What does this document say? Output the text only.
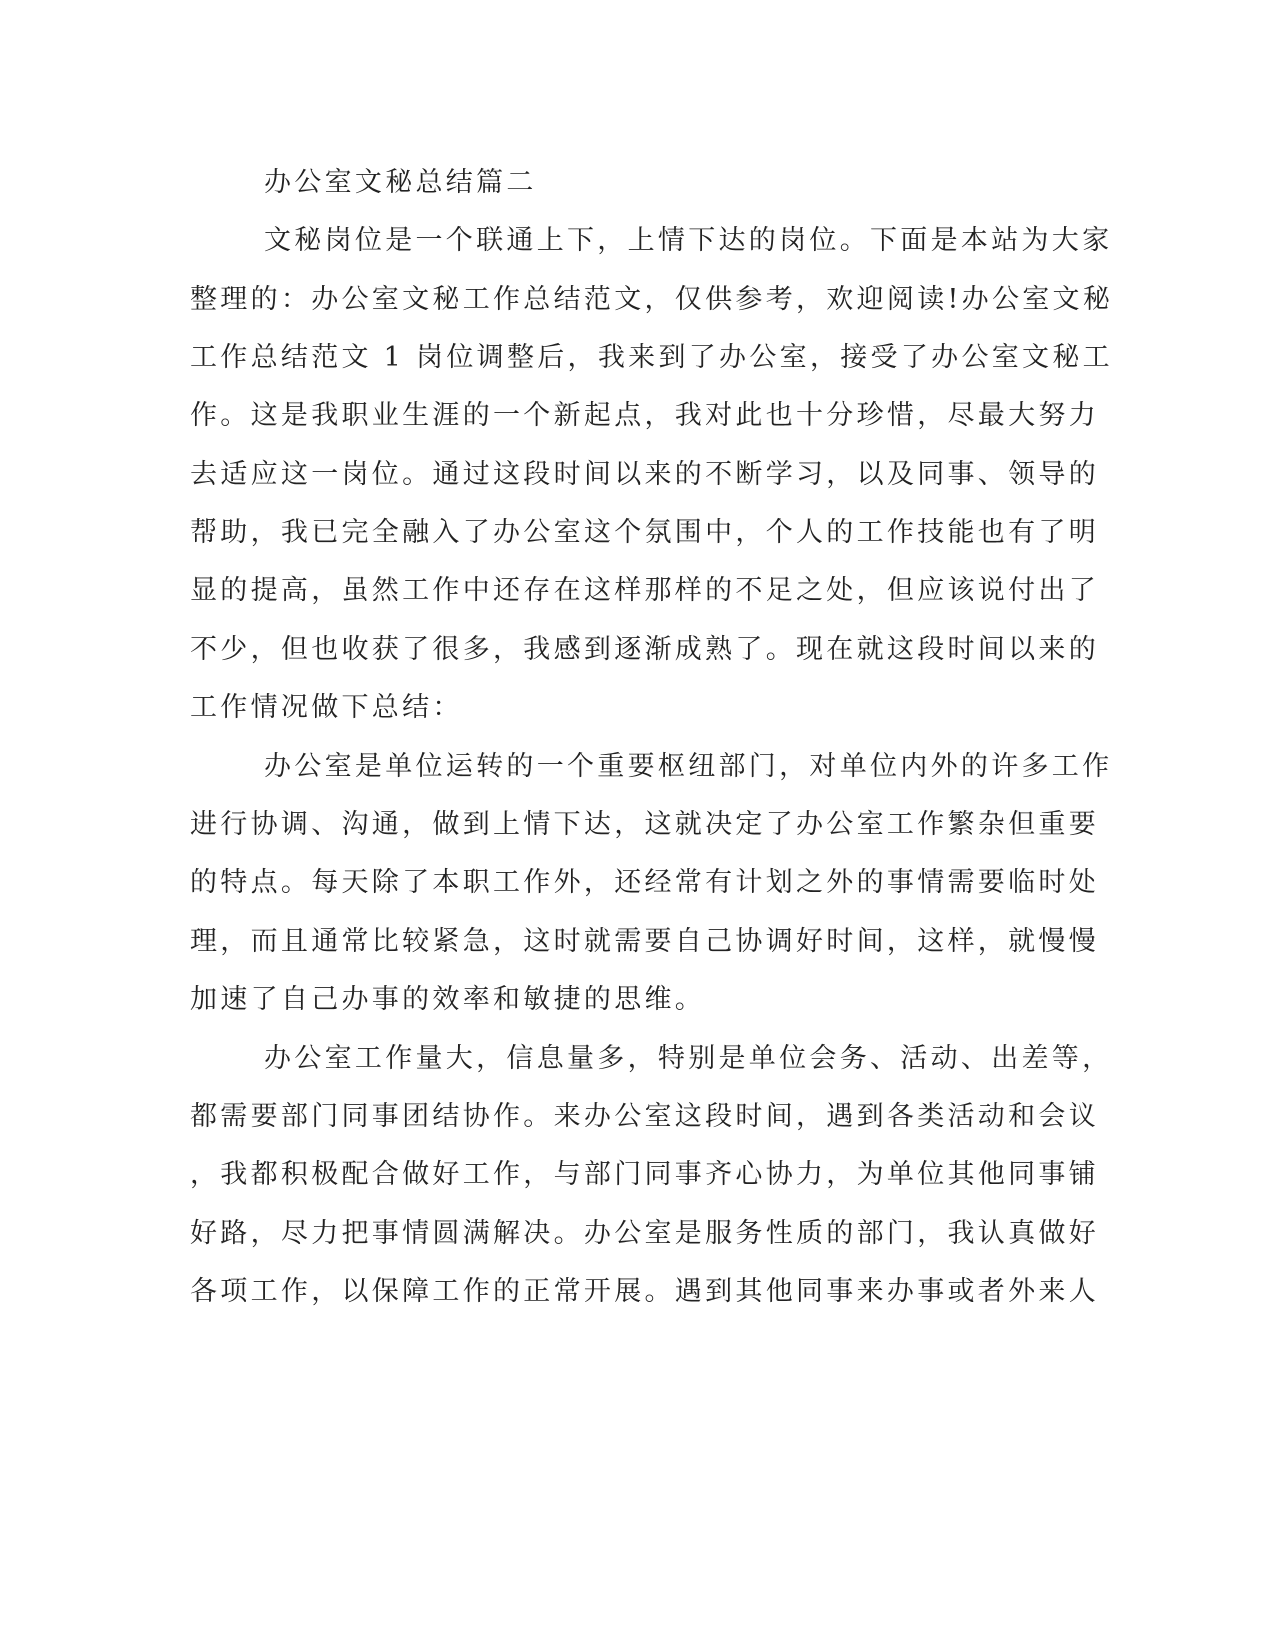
办公室文秘总结篇二

文秘岗位是一个联通上下，上情下达的岗位。下面是本站为大家

整理的：办公室文秘工作总结范文，仅供参考，欢迎阅读!办公室文秘

工作总结范文 1 岗位调整后，我来到了办公室，接受了办公室文秘工

作。这是我职业生涯的一个新起点，我对此也十分珍惜，尽最大努力

去适应这一岗位。通过这段时间以来的不断学习，以及同事、领导的

帮助，我已完全融入了办公室这个氛围中，个人的工作技能也有了明

显的提高，虽然工作中还存在这样那样的不足之处，但应该说付出了

不少，但也收获了很多，我感到逐渐成熟了。现在就这段时间以来的

工作情况做下总结：

办公室是单位运转的一个重要枢纽部门，对单位内外的许多工作

进行协调、沟通，做到上情下达，这就决定了办公室工作繁杂但重要

的特点。每天除了本职工作外，还经常有计划之外的事情需要临时处

理，而且通常比较紧急，这时就需要自己协调好时间，这样，就慢慢

加速了自己办事的效率和敏捷的思维。

办公室工作量大，信息量多，特别是单位会务、活动、出差等，

都需要部门同事团结协作。来办公室这段时间，遇到各类活动和会议

，我都积极配合做好工作，与部门同事齐心协力，为单位其他同事铺

好路，尽力把事情圆满解决。办公室是服务性质的部门，我认真做好

各项工作，以保障工作的正常开展。遇到其他同事来办事或者外来人
